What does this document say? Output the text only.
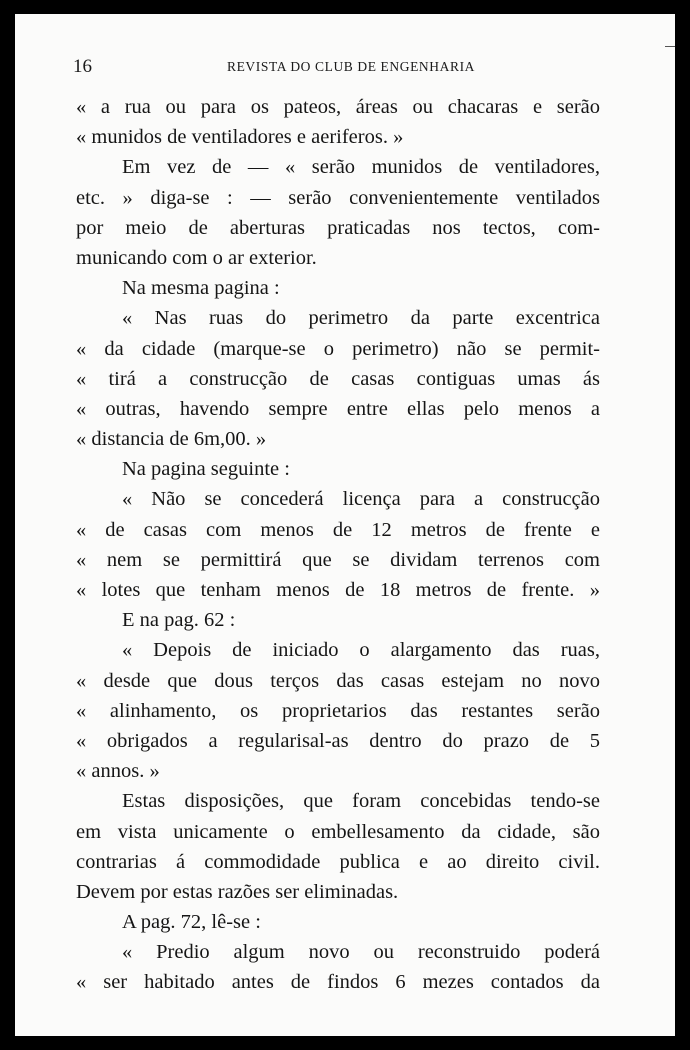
16	REVISTA DO CLUB DE ENGENHARIA
« a rua ou para os pateos, áreas ou chacaras e serão
« munidos de ventiladores e aeriferos. »
Em vez de — « serão munidos de ventiladores,
etc. » diga-se : — serão convenientemente ventilados
por meio de aberturas praticadas nos tectos, com-
municando com o ar exterior.
Na mesma pagina :
« Nas ruas do perimetro da parte excentrica
« da cidade (marque-se o perimetro) não se permit-
« tirá a construcção de casas contiguas umas ás
« outras, havendo sempre entre ellas pelo menos a
« distancia de 6m,00. »
Na pagina seguinte :
« Não se concederá licença para a construcção
« de casas com menos de 12 metros de frente e
« nem se permittirá que se dividam terrenos com
« lotes que tenham menos de 18 metros de frente. »
E na pag. 62 :
« Depois de iniciado o alargamento das ruas,
« desde que dous terços das casas estejam no novo
« alinhamento, os proprietarios das restantes serão
« obrigados a regularisal-as dentro do prazo de 5
« annos. »
Estas disposições, que foram concebidas tendo-se
em vista unicamente o embellesamento da cidade, são
contrarias á commodidade publica e ao direito civil.
Devem por estas razões ser eliminadas.
A pag. 72, lê-se :
« Predio algum novo ou reconstruido poderá
« ser habitado antes de findos 6 mezes contados da
